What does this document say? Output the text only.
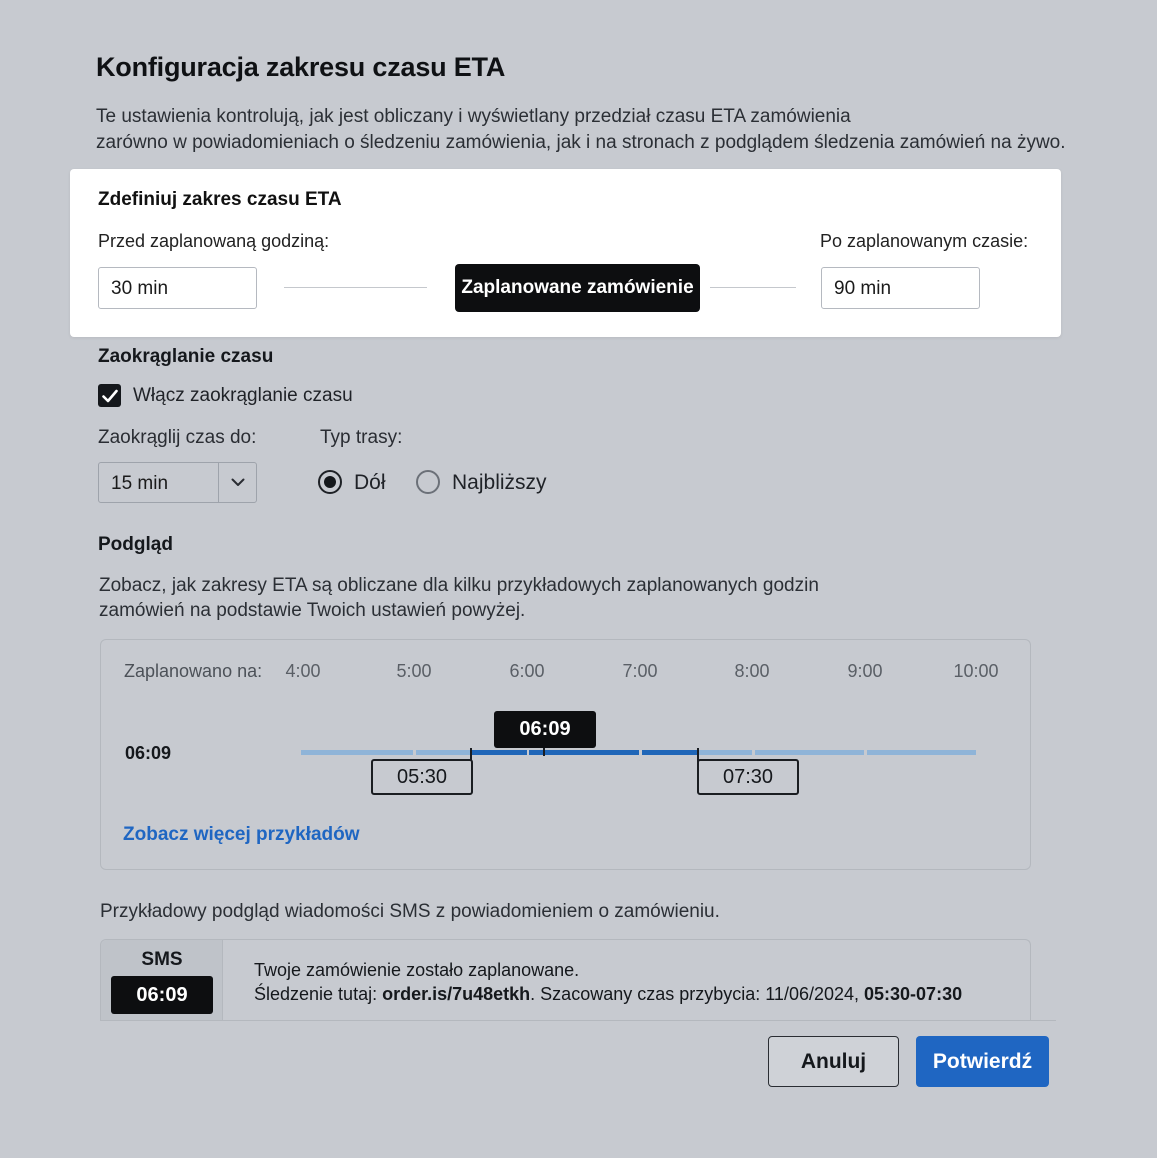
Konfiguracja zakresu czasu ETA
Te ustawienia kontrolują, jak jest obliczany i wyświetlany przedział czasu ETA zamówienia
zarówno w powiadomieniach o śledzeniu zamówienia, jak i na stronach z podglądem śledzenia zamówień na żywo.
Zdefiniuj zakres czasu ETA
Przed zaplanowaną godziną:	Po zaplanowanym czasie:
30 min	Zaplanowane zamówienie	90 min
Zaokrąglanie czasu
Włącz zaokrąglanie czasu
Zaokrąglij czas do:	Typ trasy:
15 min	Dół	Najbliższy
Podgląd
Zobacz, jak zakresy ETA są obliczane dla kilku przykładowych zaplanowanych godzin
zamówień na podstawie Twoich ustawień powyżej.
Zaplanowano na:	4:00	5:00	6:00	7:00	8:00	9:00	10:00
06:09
06:09
05:30	07:30
Zobacz więcej przykładów
Przykładowy podgląd wiadomości SMS z powiadomieniem o zamówieniu.
SMS
06:09
Twoje zamówienie zostało zaplanowane.
Śledzenie tutaj: order.is/7u48etkh. Szacowany czas przybycia: 11/06/2024, 05:30-07:30
Anuluj	Potwierdź
